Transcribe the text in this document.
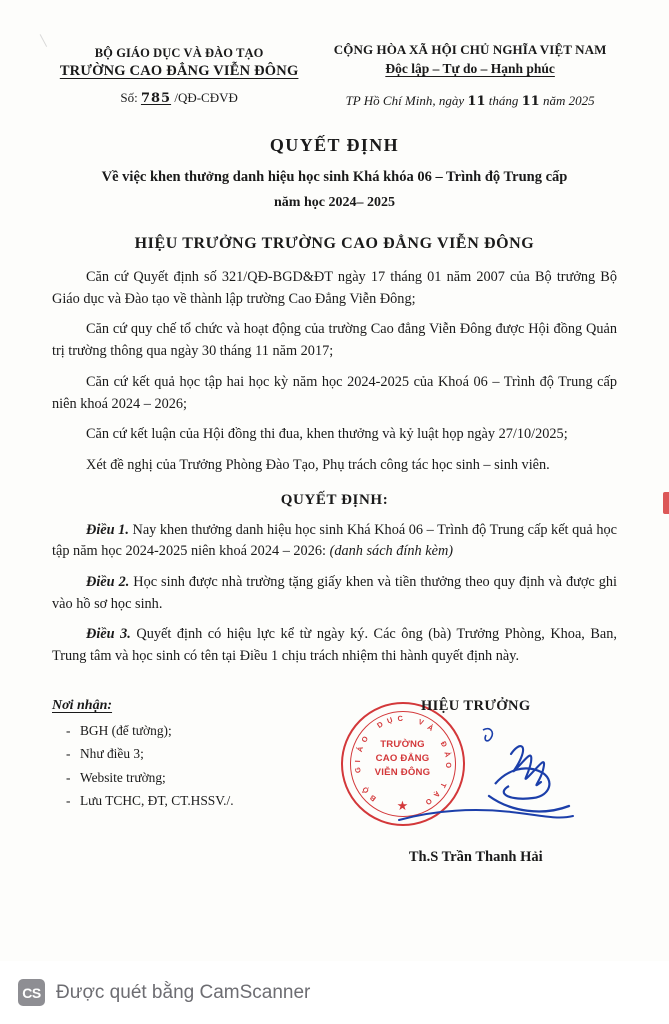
BỘ GIÁO DỤC VÀ ĐÀO TẠO
TRƯỜNG CAO ĐẲNG VIỄN ĐÔNG
Số: 785 /QĐ-CĐVĐ
CỘNG HÒA XÃ HỘI CHỦ NGHĨA VIỆT NAM
Độc lập – Tự do – Hạnh phúc
TP Hồ Chí Minh, ngày 11 tháng 11 năm 2025
QUYẾT ĐỊNH
Về việc khen thưởng danh hiệu học sinh Khá khóa 06 – Trình độ Trung cấp
năm học 2024– 2025
HIỆU TRƯỞNG TRƯỜNG CAO ĐẲNG VIỄN ĐÔNG

Căn cứ Quyết định số 321/QĐ-BGD&ĐT ngày 17 tháng 01 năm 2007 của Bộ trưởng Bộ Giáo dục và Đào tạo về thành lập trường Cao Đẳng Viễn Đông;

Căn cứ quy chế tổ chức và hoạt động của trường Cao đẳng Viễn Đông được Hội đồng Quản trị trường thông qua ngày 30 tháng 11 năm 2017;

Căn cứ kết quả học tập hai học kỳ năm học 2024-2025 của Khoá 06 – Trình độ Trung cấp niên khoá 2024 – 2026;

Căn cứ kết luận của Hội đồng thi đua, khen thưởng và kỷ luật họp ngày 27/10/2025;

Xét đề nghị của Trưởng Phòng Đào Tạo, Phụ trách công tác học sinh – sinh viên.

QUYẾT ĐỊNH:

Điều 1. Nay khen thưởng danh hiệu học sinh Khá Khoá 06 – Trình độ Trung cấp kết quả học tập năm học 2024-2025 niên khoá 2024 – 2026: (danh sách đính kèm)

Điều 2. Học sinh được nhà trường tặng giấy khen và tiền thưởng theo quy định và được ghi vào hồ sơ học sinh.

Điều 3. Quyết định có hiệu lực kể từ ngày ký. Các ông (bà) Trưởng Phòng, Khoa, Ban, Trung tâm và học sinh có tên tại Điều 1 chịu trách nhiệm thi hành quyết định này.

Nơi nhận:
- BGH (để tường);
- Như điều 3;
- Website trường;
- Lưu TCHC, ĐT, CT.HSSV./.
HIỆU TRƯỞNG
B
Ộ

G
I
Á
O

D Ụ C
V
À

Đ
À
O

T
Ạ
O
TRƯỜNG
CAO ĐẲNG
VIỄN ĐÔNG
★
Th.S Trần Thanh Hải
CS Được quét bằng CamScanner
